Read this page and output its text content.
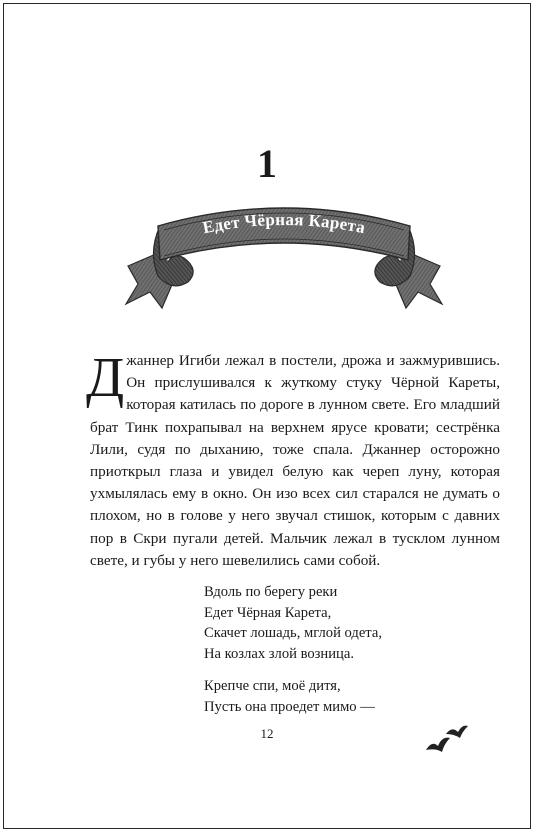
1
Едет Чёрная Карета
Джаннер Игиби лежал в постели, дрожа и зажмурившись. Он прислушивался к жуткому стуку Чёрной Кареты, которая катилась по дороге в лунном свете. Его младший брат Тинк похрапывал на верхнем ярусе кровати; сестрёнка Лили, судя по дыханию, тоже спала. Джаннер осторожно приоткрыл глаза и увидел белую как череп луну, которая ухмылялась ему в окно. Он изо всех сил старался не думать о плохом, но в голове у него звучал стишок, которым с давних пор в Скри пугали детей. Мальчик лежал в тусклом лунном свете, и губы у него шевелились сами собой.
Вдоль по берегу реки
Едет Чёрная Карета,
Скачет лошадь, мглой одета,
На козлах злой возница.
Крепче спи, моё дитя,
Пусть она проедет мимо —
12
